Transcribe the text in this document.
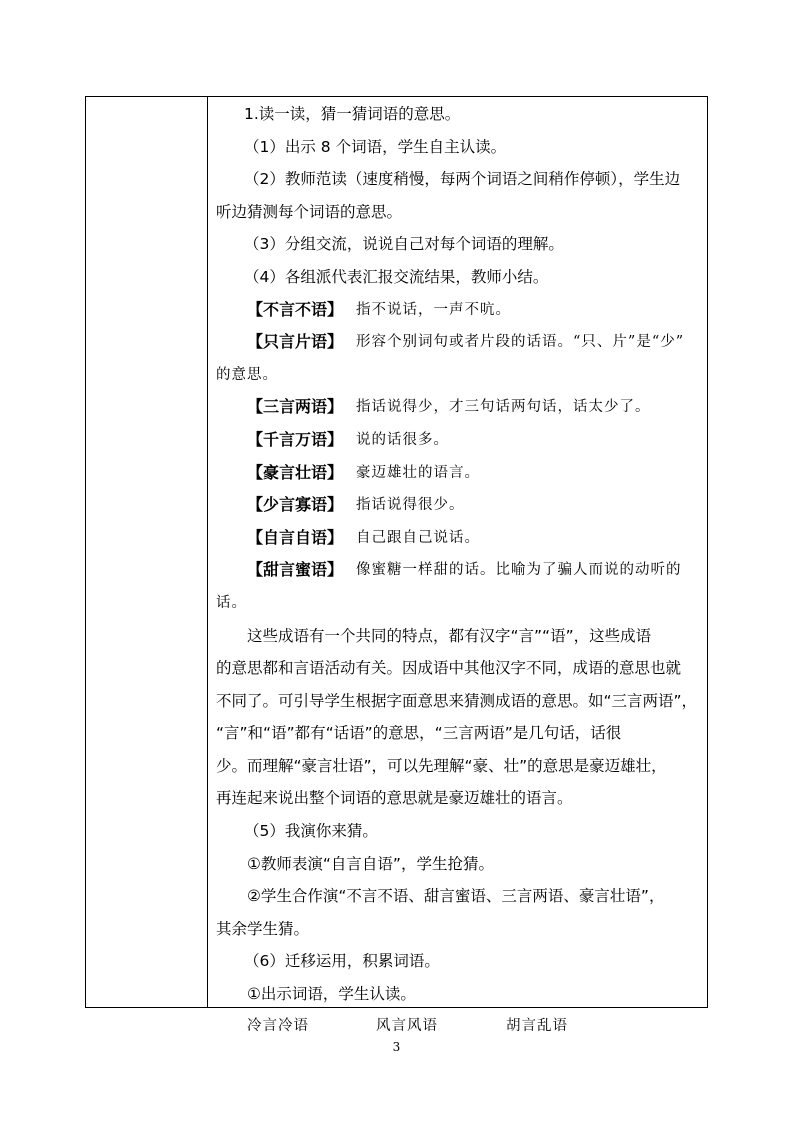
1.读一读，猜一猜词语的意思。
（1）出示 8 个词语，学生自主认读。
（2）教师范读（速度稍慢，每两个词语之间稍作停顿），学生边
听边猜测每个词语的意思。
（3）分组交流，说说自己对每个词语的理解。
（4）各组派代表汇报交流结果，教师小结。
【不言不语】 指不说话，一声不吭。
【只言片语】 形容个别词句或者片段的话语。“只、片”是“少”
的意思。
【三言两语】 指话说得少，才三句话两句话，话太少了。
【千言万语】 说的话很多。
【豪言壮语】 豪迈雄壮的语言。
【少言寡语】 指话说得很少。
【自言自语】 自己跟自己说话。
【甜言蜜语】 像蜜糖一样甜的话。比喻为了骗人而说的动听的
话。
这些成语有一个共同的特点，都有汉字“言”“语”，这些成语
的意思都和言语活动有关。因成语中其他汉字不同，成语的意思也就
不同了。可引导学生根据字面意思来猜测成语的意思。如“三言两语”，
“言”和“语”都有“话语”的意思，“三言两语”是几句话，话很
少。而理解“豪言壮语”，可以先理解“豪、壮”的意思是豪迈雄壮，
再连起来说出整个词语的意思就是豪迈雄壮的语言。
（5）我演你来猜。
①教师表演“自言自语”，学生抢猜。
②学生合作演“不言不语、甜言蜜语、三言两语、豪言壮语”，
其余学生猜。
（6）迁移运用，积累词语。
①出示词语，学生认读。
冷言冷语	风言风语	胡言乱语
3
